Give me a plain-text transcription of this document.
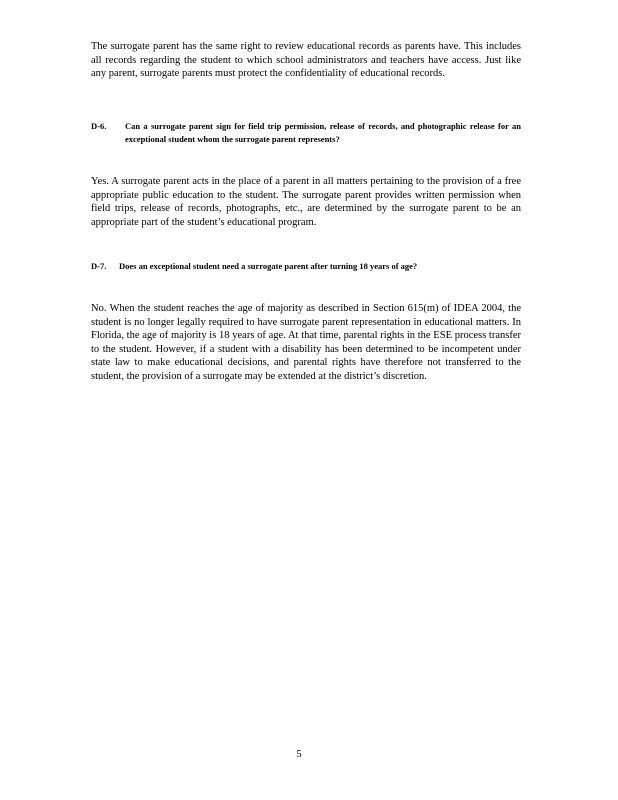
The surrogate parent has the same right to review educational records as parents have. This includes all records regarding the student to which school administrators and teachers have access. Just like any parent, surrogate parents must protect the confidentiality of educational records.

D-6. Can a surrogate parent sign for field trip permission, release of records, and photographic release for an exceptional student whom the surrogate parent represents?

Yes. A surrogate parent acts in the place of a parent in all matters pertaining to the provision of a free appropriate public education to the student. The surrogate parent provides written permission when field trips, release of records, photographs, etc., are determined by the surrogate parent to be an appropriate part of the student’s educational program.

D-7. Does an exceptional student need a surrogate parent after turning 18 years of age?

No. When the student reaches the age of majority as described in Section 615(m) of IDEA 2004, the student is no longer legally required to have surrogate parent representation in educational matters. In Florida, the age of majority is 18 years of age. At that time, parental rights in the ESE process transfer to the student. However, if a student with a disability has been determined to be incompetent under state law to make educational decisions, and parental rights have therefore not transferred to the student, the provision of a surrogate may be extended at the district’s discretion.

5
